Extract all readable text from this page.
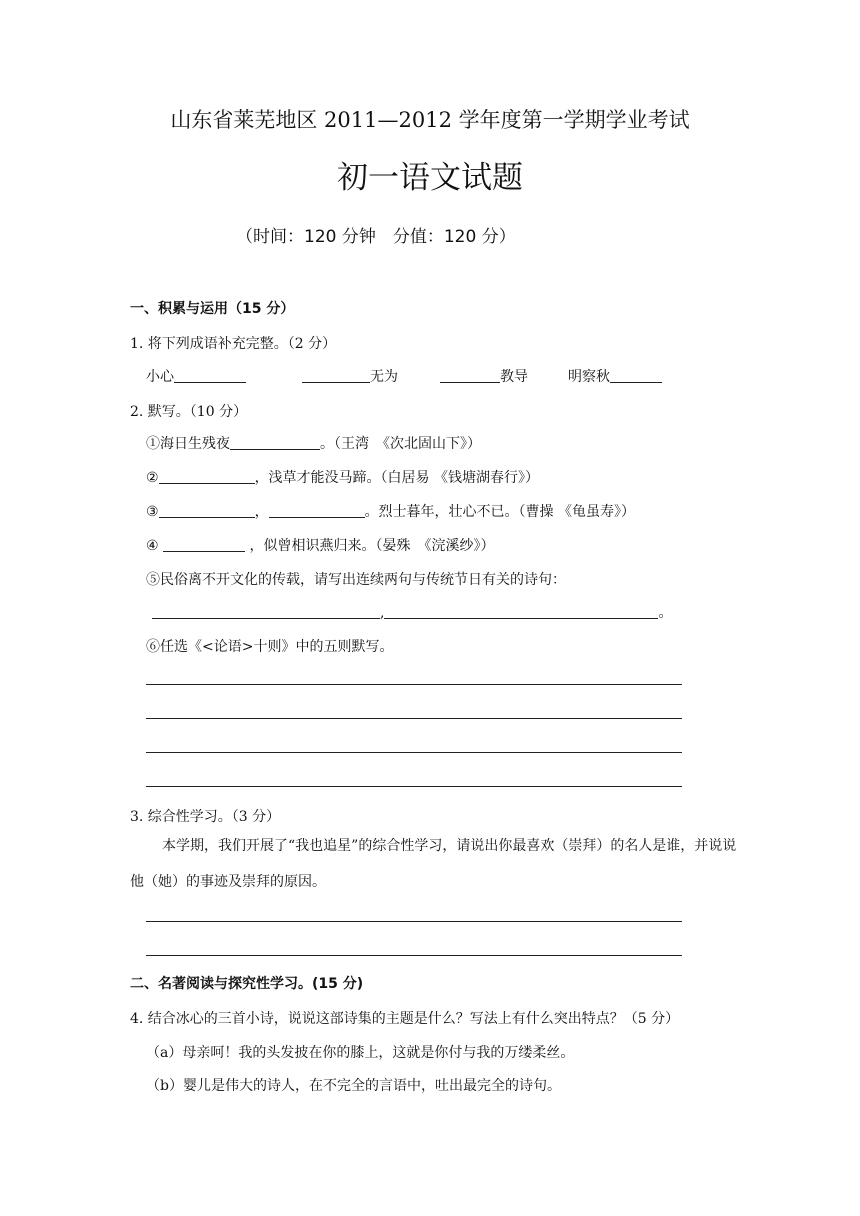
山东省莱芜地区 2011—2012 学年度第一学期学业考试
初一语文试题
（时间：120 分钟　分值：120 分）
一、积累与运用（15 分）
1. 将下列成语补充完整。（2 分）
小心	无为	教导	明察秋
2. 默写。（10 分）
①海日生残夜	。（王湾　《次北固山下》）
②	，浅草才能没马蹄。（白居易 《钱塘湖春行》）
③	，	。烈士暮年，壮心不已。（曹操 《龟虽寿》）
④	，似曾相识燕归来。（晏殊　《浣溪纱》）
⑤民俗离不开文化的传载，请写出连续两句与传统节日有关的诗句：
,	。
⑥任选《<论语>十则》中的五则默写。
3. 综合性学习。（3 分）
本学期，我们开展了“我也追星”的综合性学习，请说出你最喜欢（崇拜）的名人是谁，并说说他（她）的事迹及崇拜的原因。
二、名著阅读与探究性学习。(15 分)
4. 结合冰心的三首小诗，说说这部诗集的主题是什么？写法上有什么突出特点？（5 分）
（a）母亲呵！我的头发披在你的膝上，这就是你付与我的万缕柔丝。
（b）婴儿是伟大的诗人，在不完全的言语中，吐出最完全的诗句。
